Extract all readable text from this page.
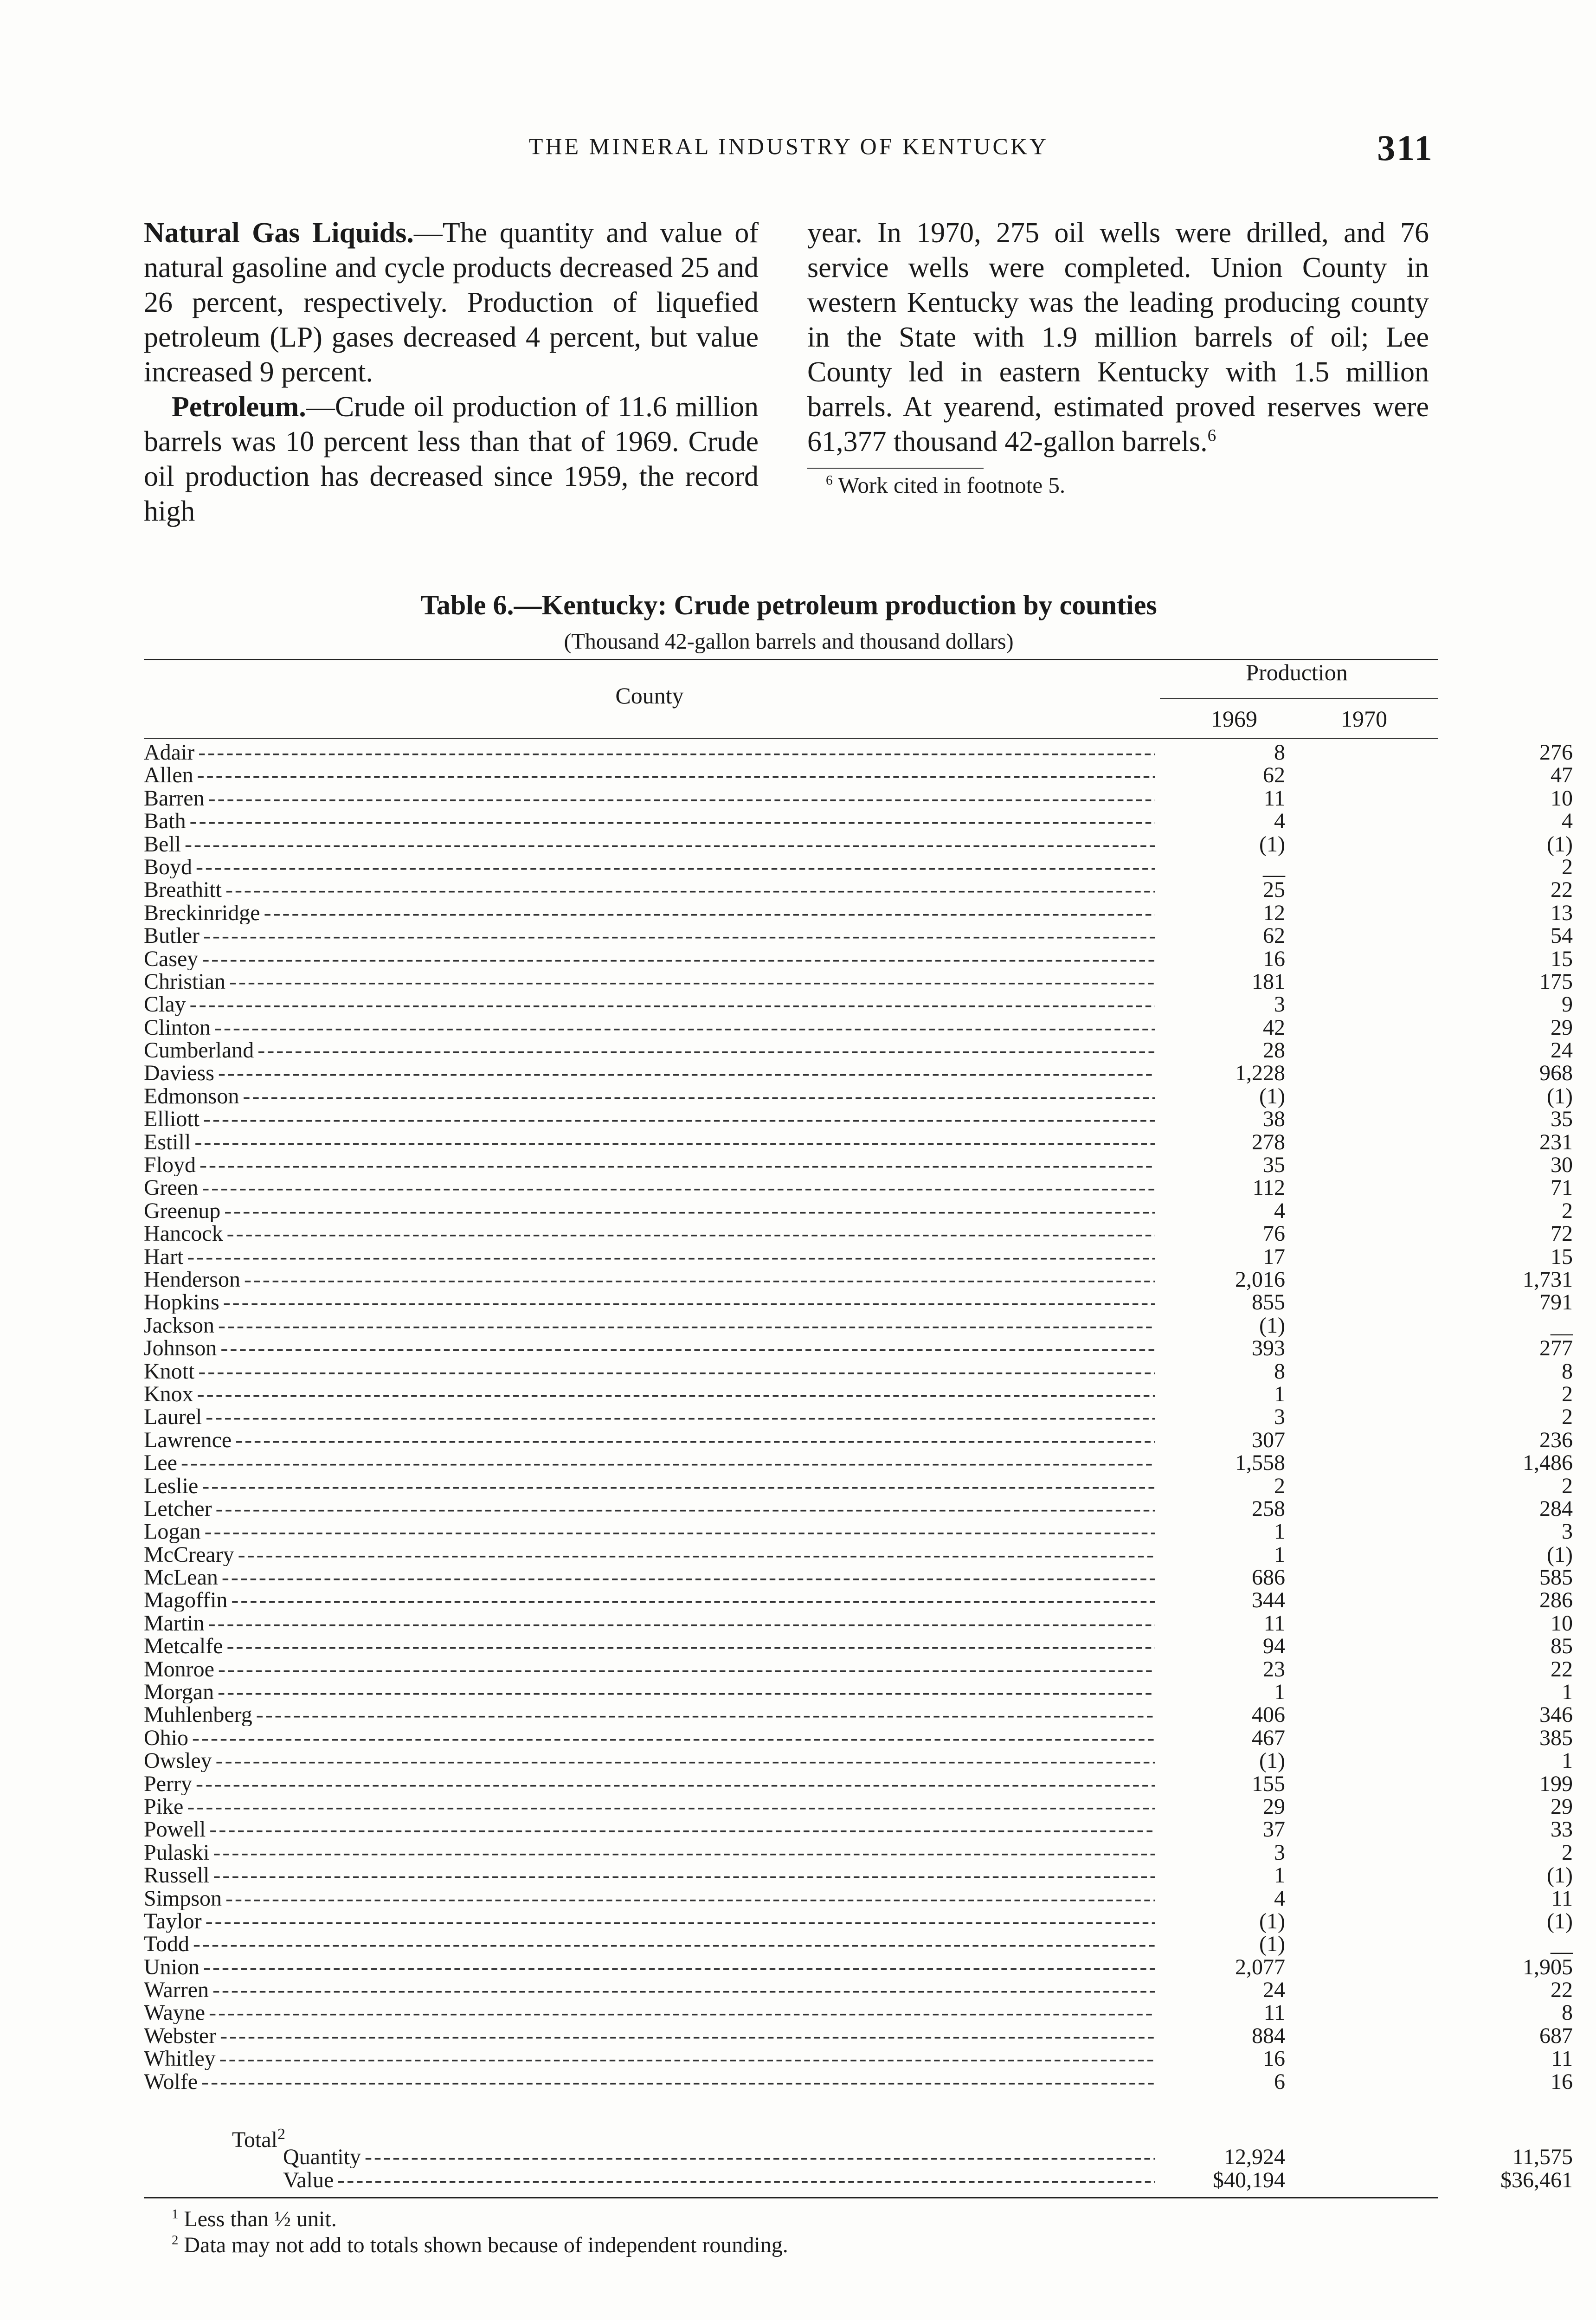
THE MINERAL INDUSTRY OF KENTUCKY	311

Natural Gas Liquids.—The quantity and value of natural gasoline and cycle products decreased 25 and 26 percent, respectively. Production of liquefied petroleum (LP) gases decreased 4 percent, but value increased 9 percent.

Petroleum.—Crude oil production of 11.6 million barrels was 10 percent less than that of 1969. Crude oil production has decreased since 1959, the record high

year. In 1970, 275 oil wells were drilled, and 76 service wells were completed. Union County in western Kentucky was the leading producing county in the State with 1.9 million barrels of oil; Lee County led in eastern Kentucky with 1.5 million barrels. At yearend, estimated proved reserves were 61,377 thousand 42-gallon barrels.$^6$

$^6$ Work cited in footnote 5.
Table 6.—Kentucky: Crude petroleum production by counties
(Thousand 42-gallon barrels and thousand dollars)
County
Production
1969	1970
Adair - - -	8	276
Allen - - -	62	47
Barren - - -	11	10
Bath - - -	4	4
Bell - - -	(1)	(1)
Boyd - - -	__	2
Breathitt - - -	25	22
Breckinridge - - -	12	13
Butler - - -	62	54
Casey - - -	16	15
Christian - - -	181	175
Clay - - -	3	9
Clinton - - -	42	29
Cumberland - - -	28	24
Daviess - - -	1,228	968
Edmonson - - -	(1)	(1)
Elliott - - -	38	35
Estill - - -	278	231
Floyd - - -	35	30
Green - - -	112	71
Greenup - - -	4	2
Hancock - - -	76	72
Hart - - -	17	15
Henderson - - -	2,016	1,731
Hopkins - - -	855	791
Jackson - - -	(1)	__
Johnson - - -	393	277
Knott - - -	8	8
Knox - - -	1	2
Laurel - - -	3	2
Lawrence - - -	307	236
Lee - - -	1,558	1,486
Leslie - - -	2	2
Letcher - - -	258	284
Logan - - -	1	3
McCreary - - -	1	(1)
McLean - - -	686	585
Magoffin - - -	344	286
Martin - - -	11	10
Metcalfe - - -	94	85
Monroe - - -	23	22
Morgan - - -	1	1
Muhlenberg - - -	406	346
Ohio - - -	467	385
Owsley - - -	(1)	1
Perry - - -	155	199
Pike - - -	29	29
Powell - - -	37	33
Pulaski - - -	3	2
Russell - - -	1	(1)
Simpson - - -	4	11
Taylor - - -	(1)	(1)
Todd - - -	(1)	__
Union - - -	2,077	1,905
Warren - - -	24	22
Wayne - - -	11	8
Webster - - -	884	687
Whitley - - -	16	11
Wolfe - - -	6	16
Total$^2$
Quantity - - -	12,924	11,575
Value - - -	$40,194	$36,461
$^1$ Less than ½ unit.
$^2$ Data may not add to totals shown because of independent rounding.
